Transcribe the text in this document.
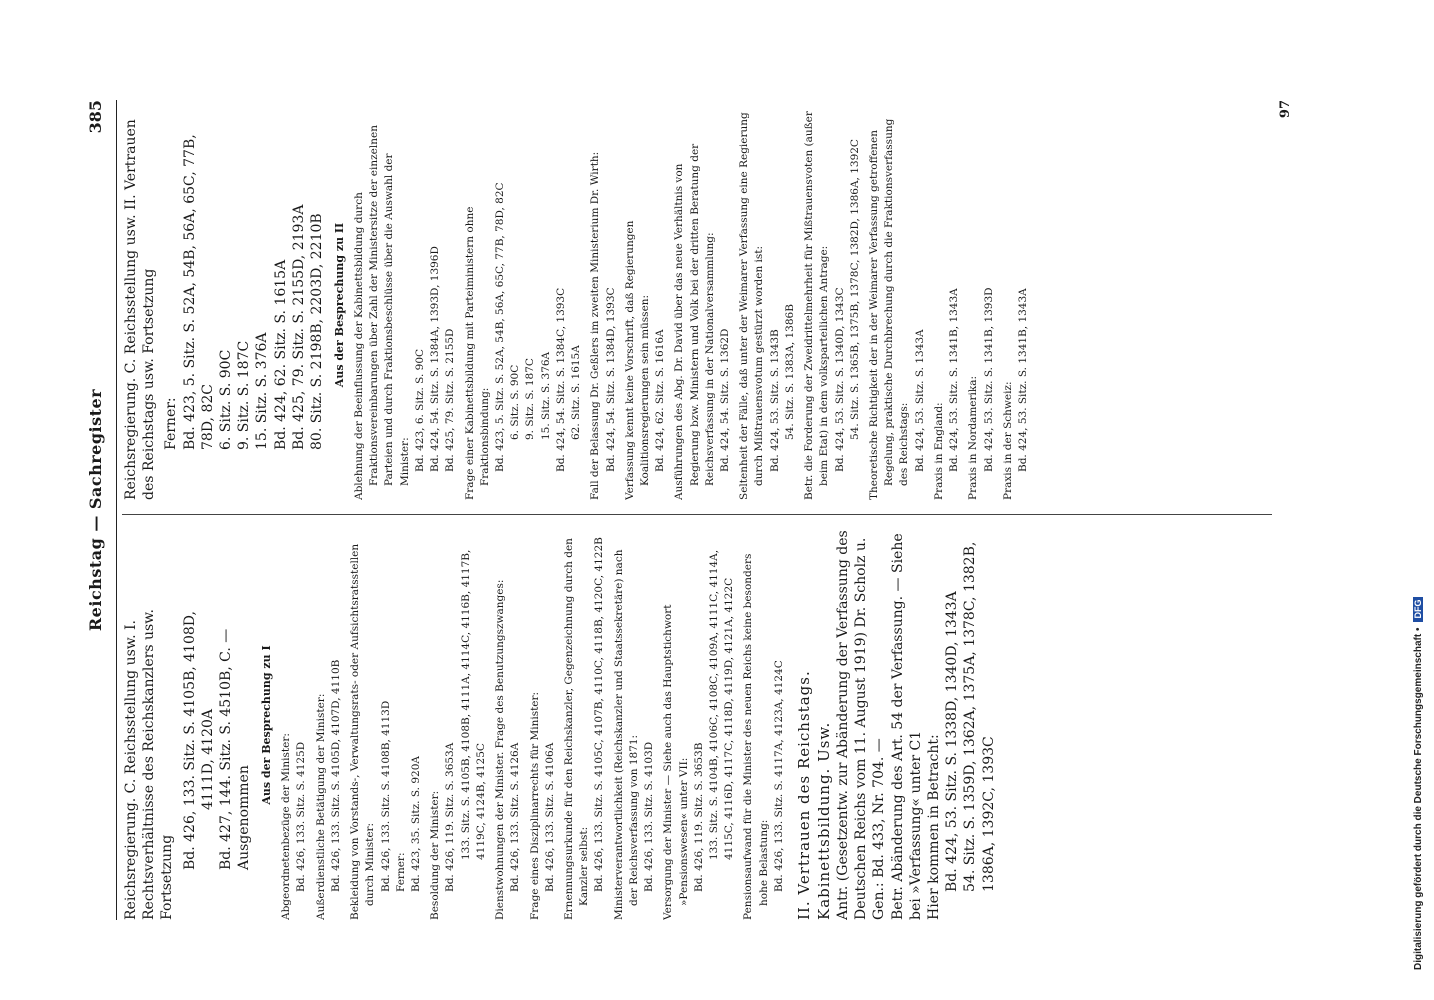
Reichstag — Sachregister
385
Reichsregierung. C. Reichsstellung usw. I. Rechtsverhältnisse des Reichskanzlers usw. Fortsetzung
Bd. 426, 133. Sitz. S. 4105B, 4108D, 4111D, 4120A Bd. 427, 144. Sitz. S. 4510B, C. — Ausgenommen
Aus der Besprechung zu I
Abgeordnetenbezüge der Minister: Bd. 426, 133. Sitz. S. 4125D Außerdienstliche Betätigung der Minister: Bd. 426, 133. Sitz. S. 4105D, 4107D, 4110B Bekleidung von Vorstands-, Verwaltungsrats- oder Aufsichtsratsstellen durch Minister: Bd. 426, 133. Sitz. S. 4108B, 4113D Ferner: Bd. 423, 35. Sitz. S. 920A Besoldung der Minister: Bd. 426, 119. Sitz. S. 3653A 133. Sitz. S. 4105B, 4108B, 4111A, 4114C, 4116B, 4117B, 4119C, 4124B, 4125C Dienstwohnungen der Minister. Frage des Benutzungszwanges: Bd. 426, 133. Sitz. S. 4126A Frage eines Disziplinarrechts für Minister: Bd. 426, 133. Sitz. S. 4106A Ernennungsurkunde für den Reichskanzler, Gegenzeichnung durch den Kanzler selbst: Bd. 426, 133. Sitz. S. 4105C, 4107B, 4110C, 4118B, 4120C, 4122B Ministerverantwortlichkeit (Reichskanzler und Staatssekretäre) nach der Reichsverfassung von 1871: Bd. 426, 133. Sitz. S. 4103D Versorgung der Minister — Siehe auch das Hauptstichwort »Pensionswesen« unter VII: Bd. 426, 119. Sitz. S. 3653B 133. Sitz. S. 4104B, 4106C, 4108C, 4109A, 4111C, 4114A, 4115C, 4116D, 4117C, 4118D, 4119D, 4121A, 4122C Pensionsaufwand für die Minister des neuen Reichs keine besonders hohe Belastung: Bd. 426, 133. Sitz. S. 4117A, 4123A, 4124C II. Vertrauen des Reichstags. Kabinettsbildung. Usw. Antr. (Gesetzentw. zur Abänderung der Verfassung des Deutschen Reichs vom 11. August 1919) Dr. Scholz u. Gen.: Bd. 433, Nr. 704. — Betr. Abänderung des Art. 54 der Verfassung. — Siehe bei »Verfassung« unter C1 Hier kommen in Betracht: Bd. 424, 53. Sitz. S. 1338D, 1340D, 1343A 54. Sitz. S. 1359D, 1362A, 1375A, 1378C, 1382B, 1386A, 1392C, 1393C
Reichsregierung. C. Reichsstellung usw. II. Vertrauen des Reichstags usw. Fortsetzung Ferner: Bd. 423, 5. Sitz. S. 52A, 54B, 56A, 65C, 77B, 78D, 82C 6. Sitz. S. 90C 9. Sitz. S. 187C 15. Sitz. S. 376A Bd. 424, 62. Sitz. S. 1615A Bd. 425, 79. Sitz. S. 2155D, 2193A 80. Sitz. S. 2198B, 2203D, 2210B Aus der Besprechung zu II Ablehnung der Beeinflussung der Kabinettsbildung durch Fraktionsvereinbarungen über Zahl der Ministersitze der einzelnen Parteien und durch Fraktionsbeschlüsse über die Auswahl der Minister: Bd. 423, 6. Sitz. S. 90C Bd. 424, 54. Sitz. S. 1384A, 1393D, 1396D Bd. 425, 79. Sitz. S. 2155D Frage einer Kabinettsbildung mit Parteiministern ohne Fraktionsbindung: Bd. 423, 5. Sitz. S. 52A, 54B, 56A, 65C, 77B, 78D, 82C 6. Sitz. S. 90C 9. Sitz. S. 187C 15. Sitz. S. 376A Bd. 424, 54. Sitz. S. 1384C, 1393C 62. Sitz. S. 1615A Fall der Belassung Dr. Geßlers im zweiten Ministerium Dr. Wirth: Bd. 424, 54. Sitz. S. 1384D, 1393C Verfassung kennt keine Vorschrift, daß Regierungen Koalitionsregierungen sein müssen: Bd. 424, 62. Sitz. S. 1616A Ausführungen des Abg. Dr. David über das neue Verhältnis von Regierung bzw. Ministern und Volk bei der dritten Beratung der Reichsverfassung in der Nationalversammlung: Bd. 424, 54. Sitz. S. 1362D Seltenheit der Fälle, daß unter der Weimarer Verfassung eine Regierung durch Mißtrauensvotum gestürzt worden ist: Bd. 424, 53. Sitz. S. 1343B 54. Sitz. S. 1383A, 1386B Betr. die Forderung der Zweidrittelmehrheit für Mißtrauensvoten (außer beim Etat) in dem volksparteilichen Antrage: Bd. 424, 53. Sitz. S. 1340D, 1343C 54. Sitz. S. 1365B, 1375B, 1378C, 1382D, 1386A, 1392C Theoretische Richtigkeit der in der Weimarer Verfassung getroffenen Regelung, praktische Durchbrechung durch die Fraktionsverfassung des Reichstags: Bd. 424, 53. Sitz. S. 1343A Praxis in England: Bd. 424, 53. Sitz. S. 1341B, 1343A Praxis in Nordamerika: Bd. 424, 53. Sitz. S. 1341B, 1393D Praxis in der Schweiz: Bd. 424, 53. Sitz. S. 1341B, 1343A
97
Digitalisierung gefördert durch die Deutsche Forschungsgemeinschaft •DFG
